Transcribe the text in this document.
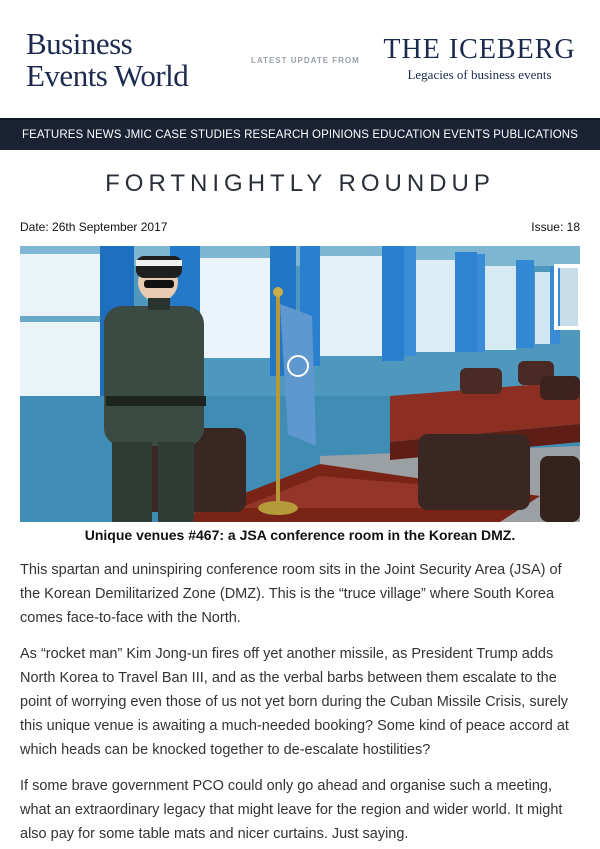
Business
Events World	LATEST UPDATE FROM THE ICEBERG
Legacies of business events
FEATURES NEWS JMIC CASE STUDIES RESEARCH OPINIONS EDUCATION EVENTS PUBLICATIONS
FORTNIGHTLY ROUNDUP
Date: 26th September 2017	Issue: 18
Unique venues #467: a JSA conference room in the Korean DMZ.

This spartan and uninspiring conference room sits in the Joint Security Area (JSA) of the Korean Demilitarized Zone (DMZ). This is the “truce village” where South Korea comes face-to-face with the North.

As “rocket man” Kim Jong-un fires off yet another missile, as President Trump adds North Korea to Travel Ban III, and as the verbal barbs between them escalate to the point of worrying even those of us not yet born during the Cuban Missile Crisis, surely this unique venue is awaiting a much-needed booking? Some kind of peace accord at which heads can be knocked together to de-escalate hostilities?

If some brave government PCO could only go ahead and organise such a meeting, what an extraordinary legacy that might leave for the region and wider world. It might also pay for some table mats and nicer curtains. Just saying.
